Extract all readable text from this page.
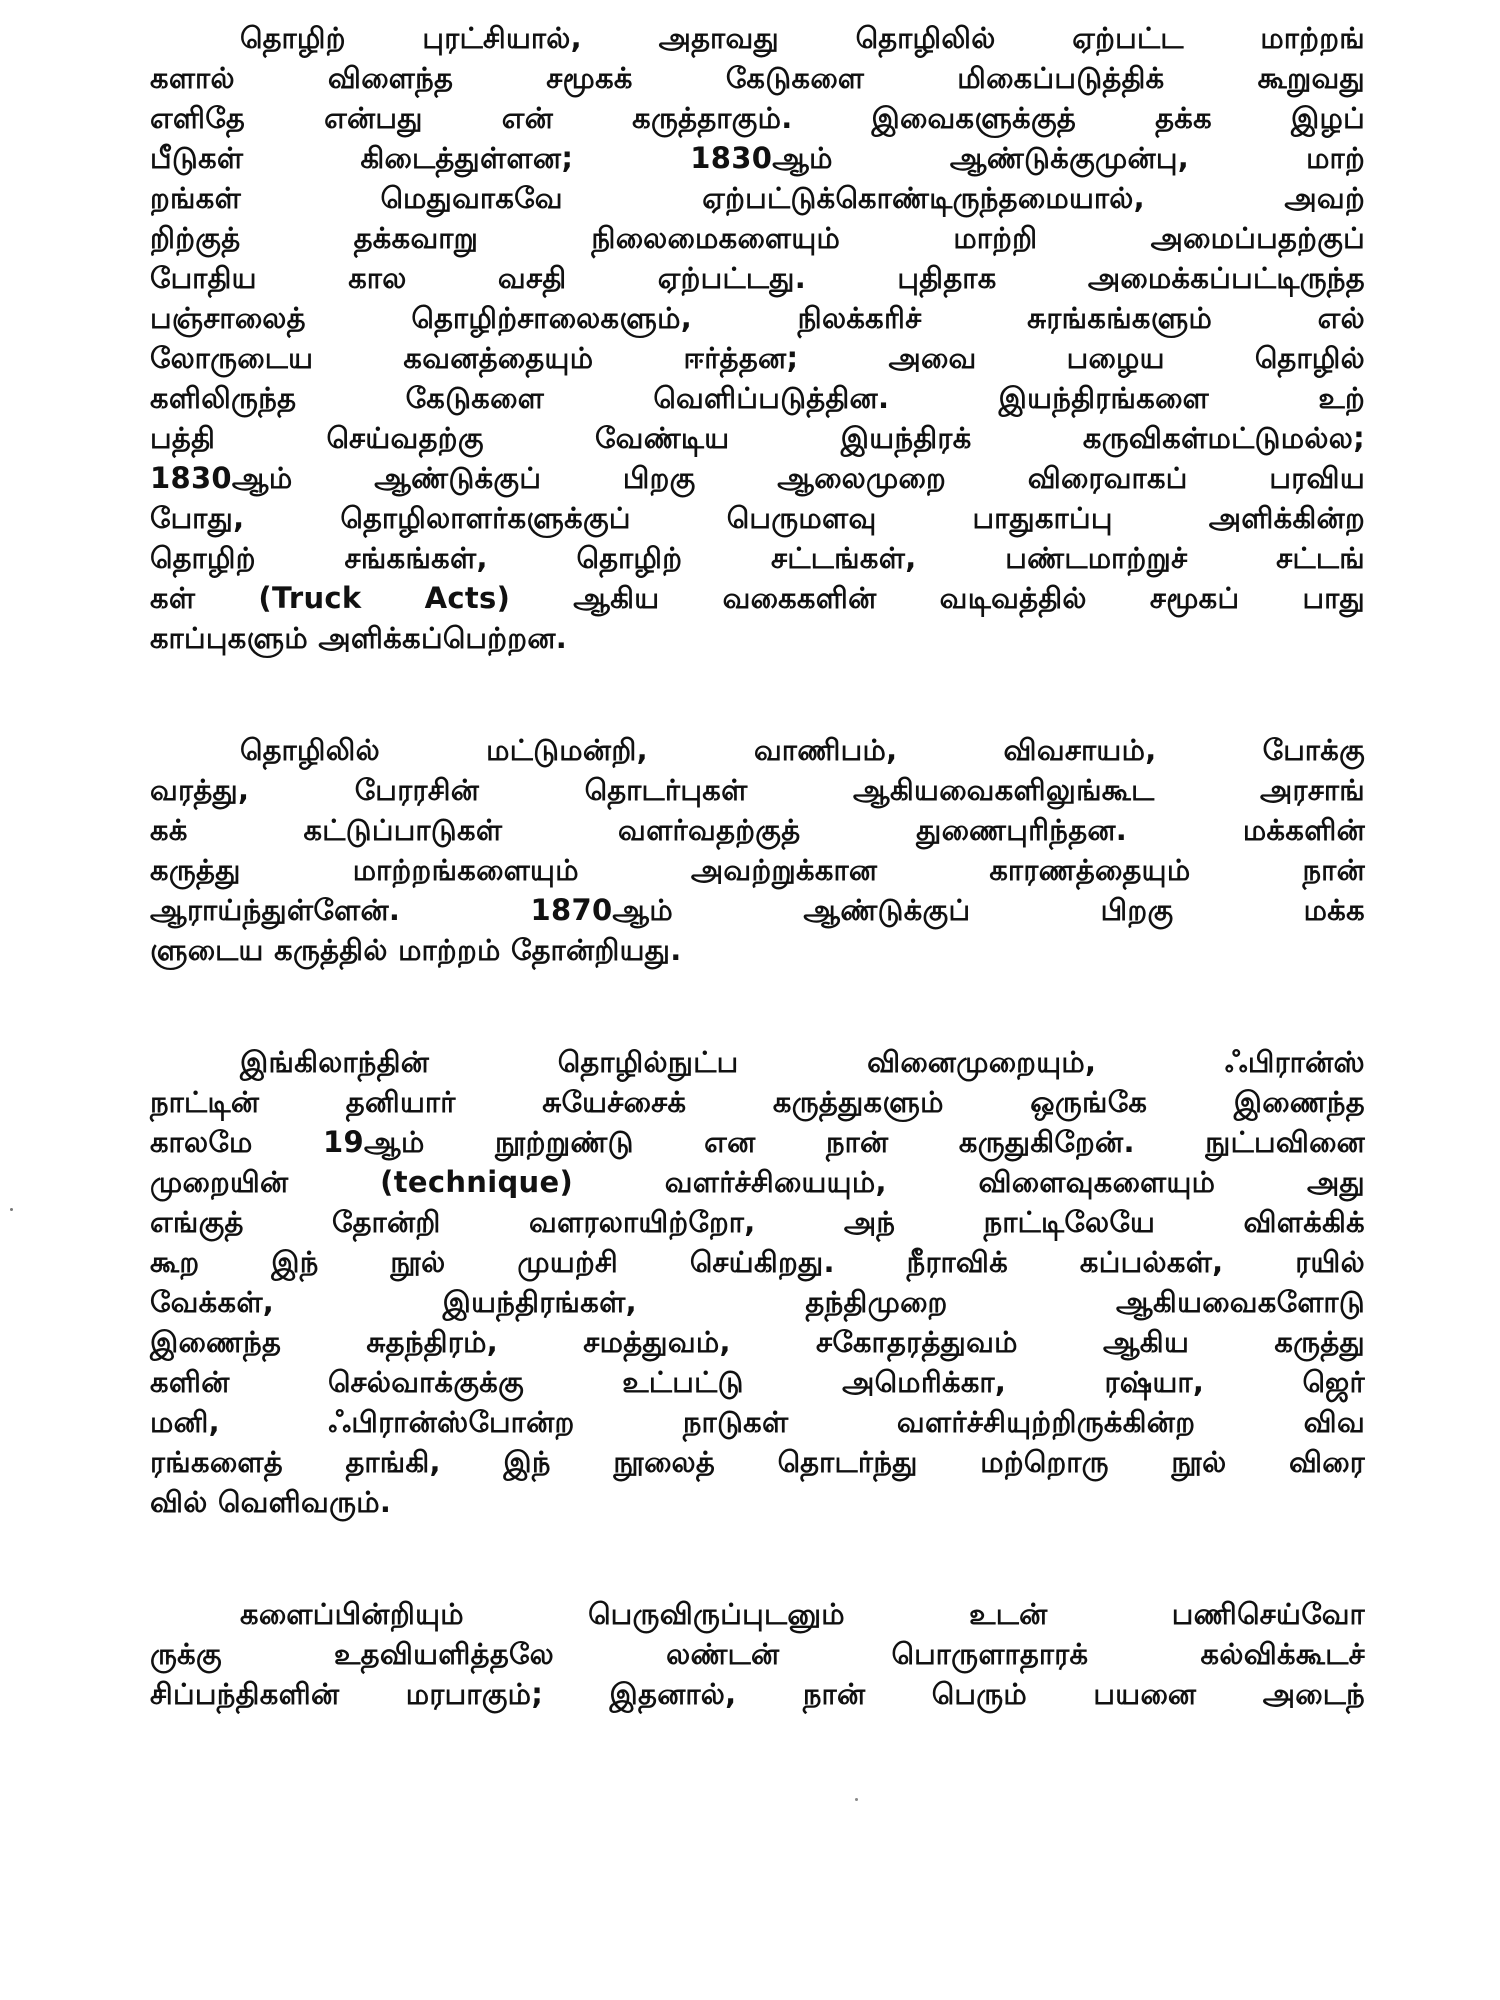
தொழிற் புரட்சியால், அதாவது தொழிலில் ஏற்பட்ட மாற்றங்
களால் விளைந்த சமூகக் கேடுகளை மிகைப்படுத்திக் கூறுவது
எளிதே என்பது என் கருத்தாகும். இவைகளுக்குத் தக்க இழப்
பீடுகள் கிடைத்துள்ளன; 1830ஆம் ஆண்டுக்குமுன்பு, மாற்
றங்கள் மெதுவாகவே ஏற்பட்டுக்கொண்டிருந்தமையால், அவற்
றிற்குத் தக்கவாறு நிலைமைகளையும் மாற்றி அமைப்பதற்குப்
போதிய கால வசதி ஏற்பட்டது. புதிதாக அமைக்கப்பட்டிருந்த
பஞ்சாலைத் தொழிற்சாலைகளும், நிலக்கரிச் சுரங்கங்களும் எல்
லோருடைய கவனத்தையும் ஈர்த்தன; அவை பழைய தொழில்
களிலிருந்த கேடுகளை வெளிப்படுத்தின. இயந்திரங்களை உற்
பத்தி செய்வதற்கு வேண்டிய இயந்திரக் கருவிகள்மட்டுமல்ல;
1830ஆம் ஆண்டுக்குப் பிறகு ஆலைமுறை விரைவாகப் பரவிய
போது, தொழிலாளர்களுக்குப் பெருமளவு பாதுகாப்பு அளிக்கின்ற
தொழிற் சங்கங்கள், தொழிற் சட்டங்கள், பண்டமாற்றுச் சட்டங்
கள் (Truck Acts) ஆகிய வகைகளின் வடிவத்தில் சமூகப் பாது
காப்புகளும் அளிக்கப்பெற்றன.
தொழிலில் மட்டுமன்றி, வாணிபம், விவசாயம், போக்கு
வரத்து, பேரரசின் தொடர்புகள் ஆகியவைகளிலுங்கூட அரசாங்
கக் கட்டுப்பாடுகள் வளர்வதற்குத் துணைபுரிந்தன. மக்களின்
கருத்து மாற்றங்களையும் அவற்றுக்கான காரணத்தையும் நான்
ஆராய்ந்துள்ளேன். 1870ஆம் ஆண்டுக்குப் பிறகு மக்க
ளுடைய கருத்தில் மாற்றம் தோன்றியது.
இங்கிலாந்தின் தொழில்நுட்ப வினைமுறையும், ஃபிரான்ஸ்
நாட்டின் தனியார் சுயேச்சைக் கருத்துகளும் ஒருங்கே இணைந்த
காலமே 19ஆம் நூற்றுண்டு என நான் கருதுகிறேன். நுட்பவினை
முறையின் (technique) வளர்ச்சியையும், விளைவுகளையும் அது
எங்குத் தோன்றி வளரலாயிற்றோ, அந் நாட்டிலேயே விளக்கிக்
கூற இந் நூல் முயற்சி செய்கிறது. நீராவிக் கப்பல்கள், ரயில்
வேக்கள், இயந்திரங்கள், தந்திமுறை ஆகியவைகளோடு
இணைந்த சுதந்திரம், சமத்துவம், சகோதரத்துவம் ஆகிய கருத்து
களின் செல்வாக்குக்கு உட்பட்டு அமெரிக்கா, ரஷ்யா, ஜெர்
மனி, ஃபிரான்ஸ்போன்ற நாடுகள் வளர்ச்சியுற்றிருக்கின்ற விவ
ரங்களைத் தாங்கி, இந் நூலைத் தொடர்ந்து மற்றொரு நூல் விரை
வில் வெளிவரும்.
களைப்பின்றியும் பெருவிருப்புடனும் உடன் பணிசெய்வோ
ருக்கு உதவியளித்தலே லண்டன் பொருளாதாரக் கல்விக்கூடச்
சிப்பந்திகளின் மரபாகும்; இதனால், நான் பெரும் பயனை அடைந்
